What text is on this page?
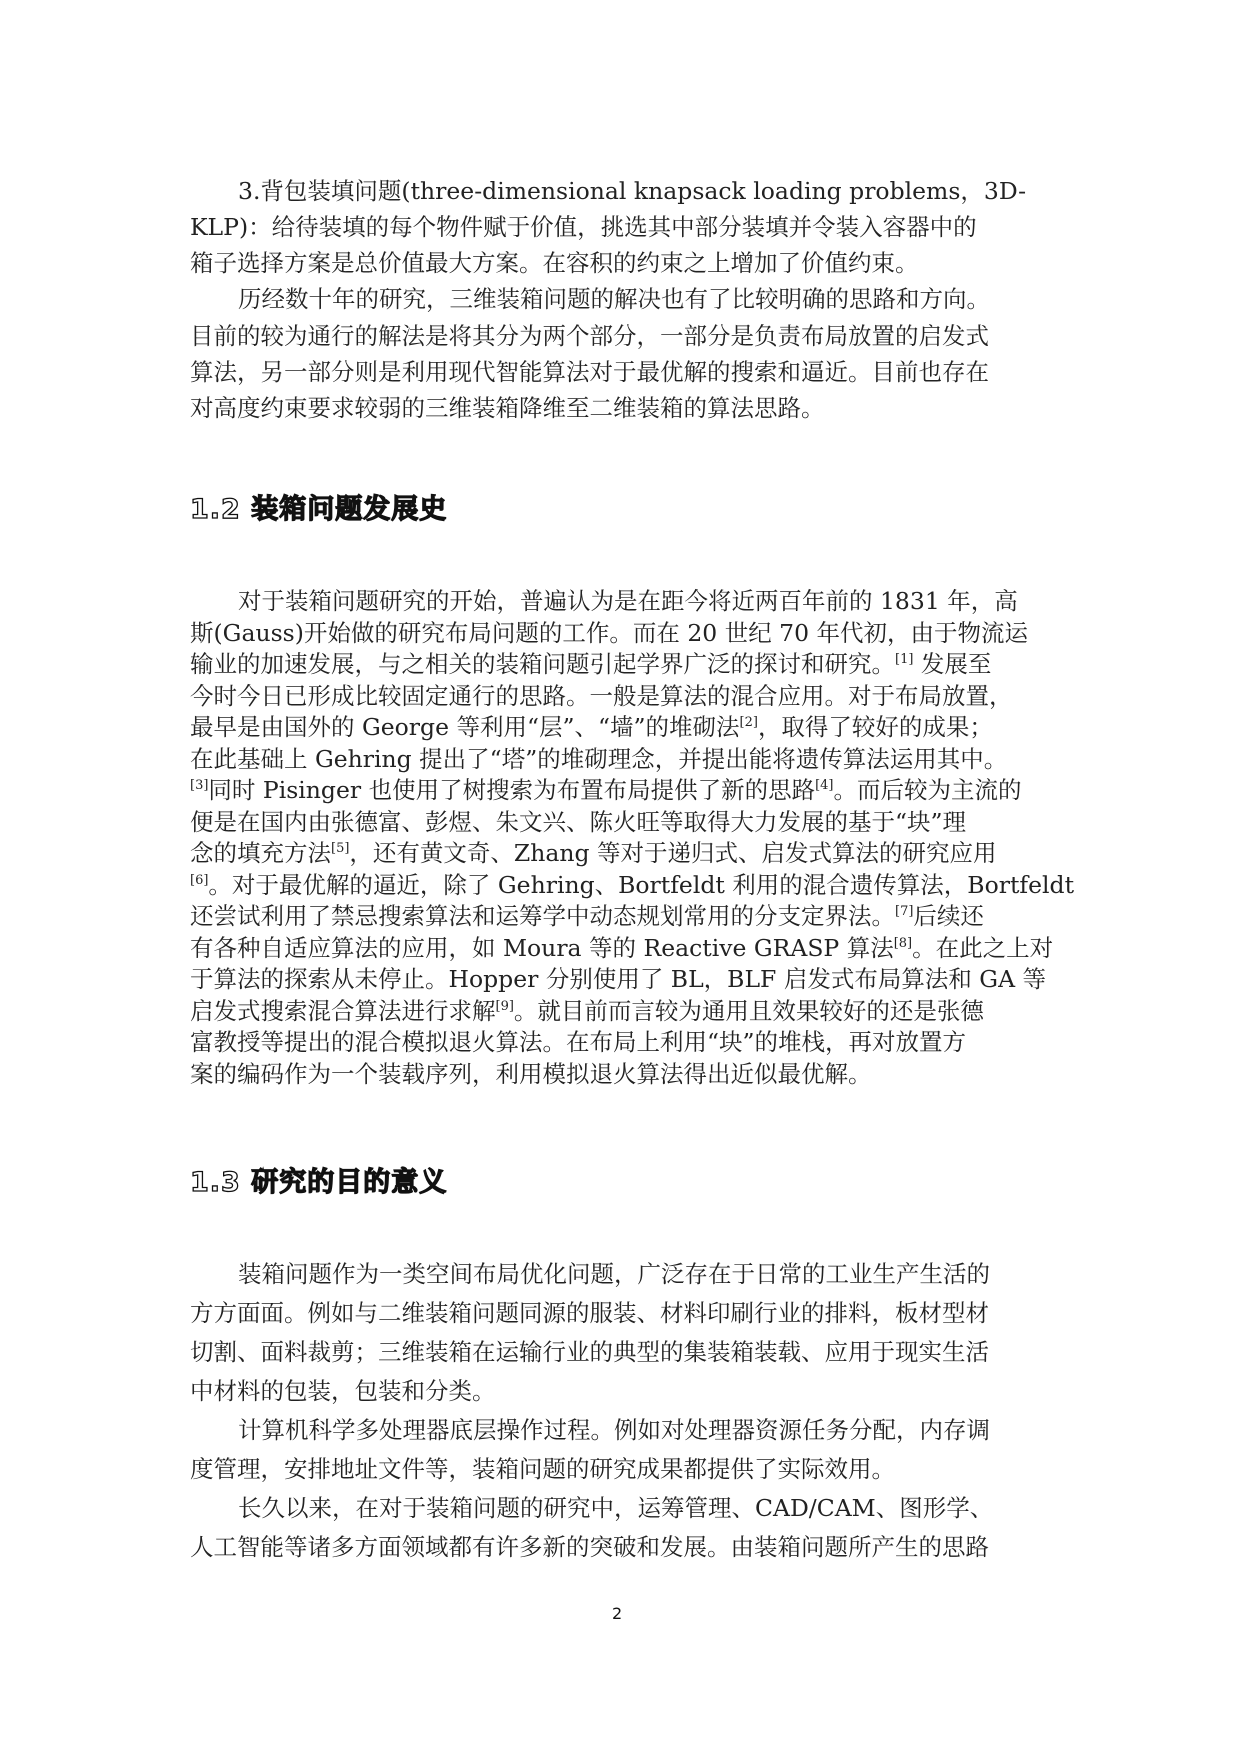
3.背包装填问题(three-dimensional knapsack loading problems，3D-
KLP)：给待装填的每个物件赋于价值，挑选其中部分装填并令装入容器中的
箱子选择方案是总价值最大方案。在容积的约束之上增加了价值约束。
历经数十年的研究，三维装箱问题的解决也有了比较明确的思路和方向。
目前的较为通行的解法是将其分为两个部分，一部分是负责布局放置的启发式
算法，另一部分则是利用现代智能算法对于最优解的搜索和逼近。目前也存在
对高度约束要求较弱的三维装箱降维至二维装箱的算法思路。
1.2 装箱问题发展史
对于装箱问题研究的开始，普遍认为是在距今将近两百年前的 1831 年，高
斯(Gauss)开始做的研究布局问题的工作。而在 20 世纪 70 年代初，由于物流运
输业的加速发展，与之相关的装箱问题引起学界广泛的探讨和研究。[1] 发展至
今时今日已形成比较固定通行的思路。一般是算法的混合应用。对于布局放置，
最早是由国外的 George 等利用“层”、“墙”的堆砌法[2]，取得了较好的成果；
在此基础上 Gehring 提出了“塔”的堆砌理念，并提出能将遗传算法运用其中。
[3]同时 Pisinger 也使用了树搜索为布置布局提供了新的思路[4]。而后较为主流的
便是在国内由张德富、彭煜、朱文兴、陈火旺等取得大力发展的基于“块”理
念的填充方法[5]，还有黄文奇、Zhang 等对于递归式、启发式算法的研究应用
[6]。对于最优解的逼近，除了 Gehring、Bortfeldt 利用的混合遗传算法，Bortfeldt
还尝试利用了禁忌搜索算法和运筹学中动态规划常用的分支定界法。[7]后续还
有各种自适应算法的应用，如 Moura 等的 Reactive GRASP 算法[8]。在此之上对
于算法的探索从未停止。Hopper 分别使用了 BL，BLF 启发式布局算法和 GA 等
启发式搜索混合算法进行求解[9]。就目前而言较为通用且效果较好的还是张德
富教授等提出的混合模拟退火算法。在布局上利用“块”的堆栈，再对放置方
案的编码作为一个装载序列，利用模拟退火算法得出近似最优解。
1.3 研究的目的意义
装箱问题作为一类空间布局优化问题，广泛存在于日常的工业生产生活的
方方面面。例如与二维装箱问题同源的服装、材料印刷行业的排料，板材型材
切割、面料裁剪；三维装箱在运输行业的典型的集装箱装载、应用于现实生活
中材料的包装，包装和分类。
计算机科学多处理器底层操作过程。例如对处理器资源任务分配，内存调
度管理，安排地址文件等，装箱问题的研究成果都提供了实际效用。
长久以来，在对于装箱问题的研究中，运筹管理、CAD/CAM、图形学、
人工智能等诸多方面领域都有许多新的突破和发展。由装箱问题所产生的思路
2
